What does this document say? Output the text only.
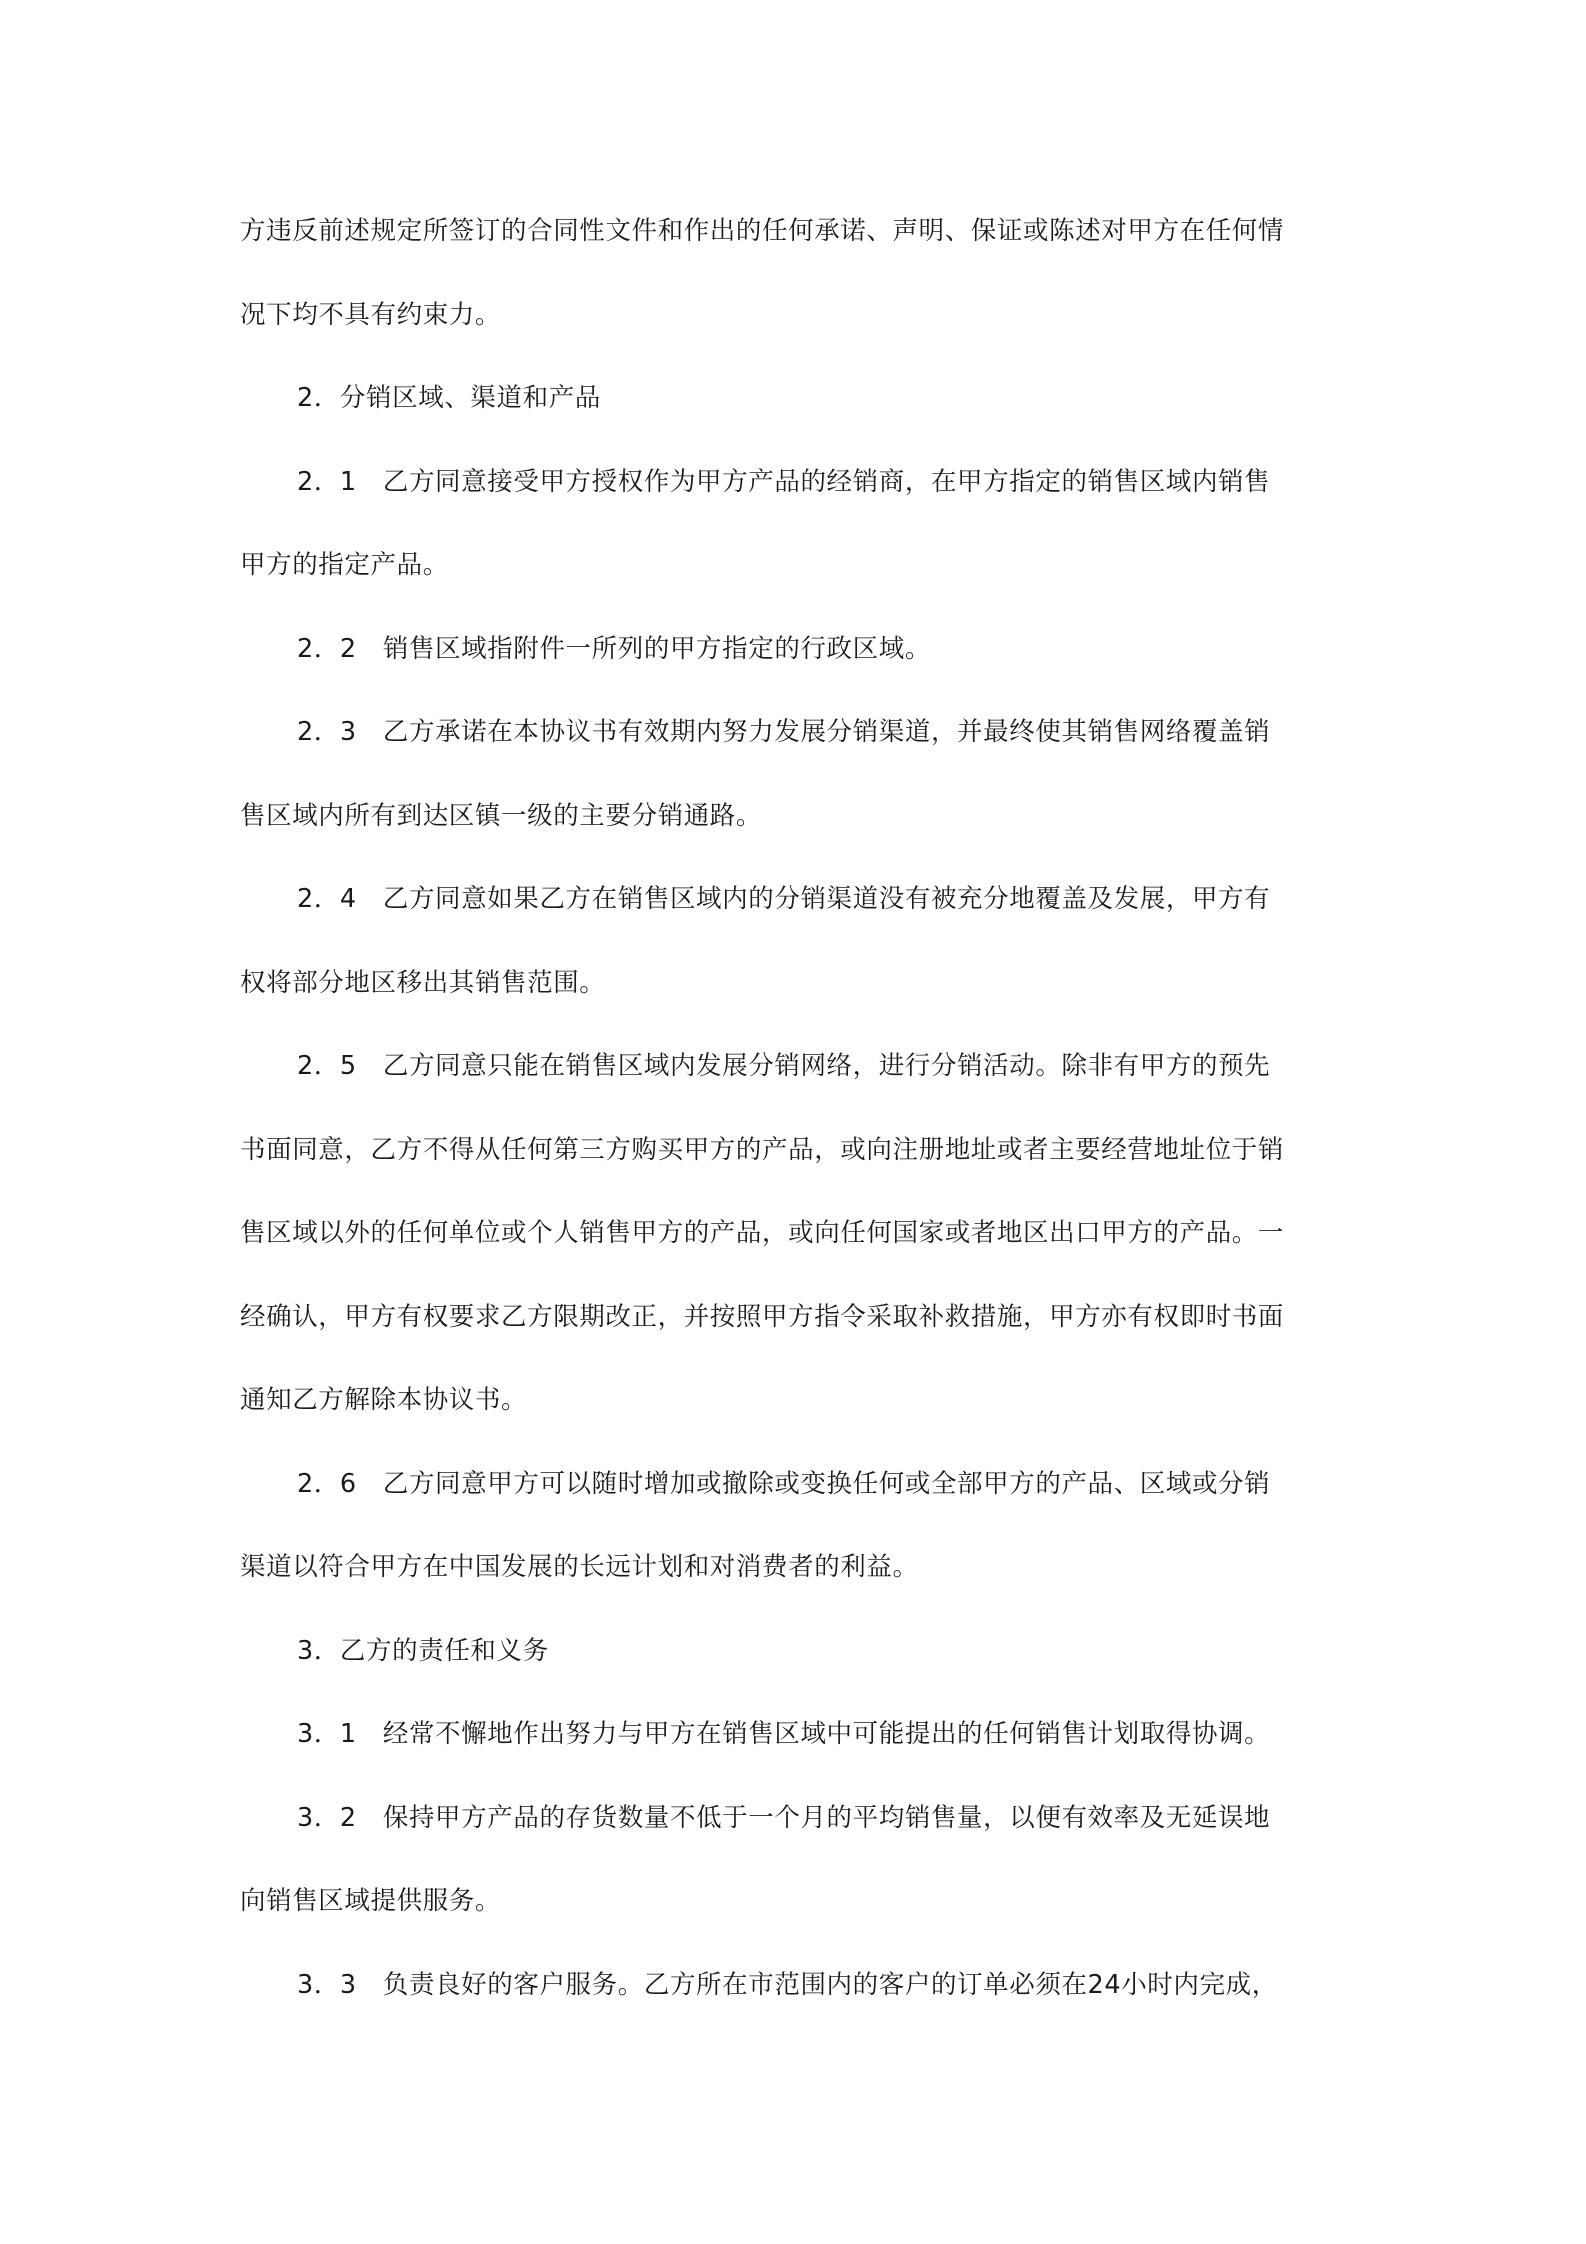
方违反前述规定所签订的合同性文件和作出的任何承诺、声明、保证或陈述对甲方在任何情
况下均不具有约束力。
2．分销区域、渠道和产品
2．1　乙方同意接受甲方授权作为甲方产品的经销商，在甲方指定的销售区域内销售
甲方的指定产品。
2．2　销售区域指附件一所列的甲方指定的行政区域。
2．3　乙方承诺在本协议书有效期内努力发展分销渠道，并最终使其销售网络覆盖销
售区域内所有到达区镇一级的主要分销通路。
2．4　乙方同意如果乙方在销售区域内的分销渠道没有被充分地覆盖及发展，甲方有
权将部分地区移出其销售范围。
2．5　乙方同意只能在销售区域内发展分销网络，进行分销活动。除非有甲方的预先
书面同意，乙方不得从任何第三方购买甲方的产品，或向注册地址或者主要经营地址位于销
售区域以外的任何单位或个人销售甲方的产品，或向任何国家或者地区出口甲方的产品。一
经确认，甲方有权要求乙方限期改正，并按照甲方指令采取补救措施，甲方亦有权即时书面
通知乙方解除本协议书。
2．6　乙方同意甲方可以随时增加或撤除或变换任何或全部甲方的产品、区域或分销
渠道以符合甲方在中国发展的长远计划和对消费者的利益。
3．乙方的责任和义务
3．1　经常不懈地作出努力与甲方在销售区域中可能提出的任何销售计划取得协调。
3．2　保持甲方产品的存货数量不低于一个月的平均销售量，以便有效率及无延误地
向销售区域提供服务。
3．3　负责良好的客户服务。乙方所在市范围内的客户的订单必须在24小时内完成，
